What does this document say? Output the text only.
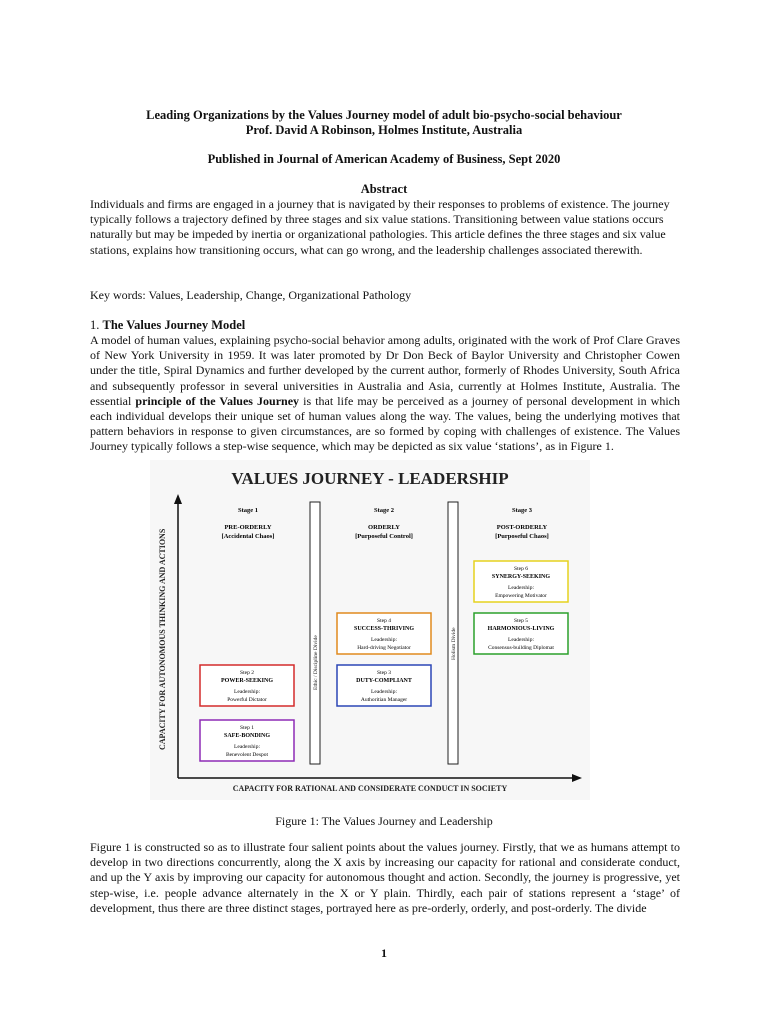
Leading Organizations by the Values Journey model of adult bio-psycho-social behaviour
Prof. David A Robinson, Holmes Institute, Australia
Published in Journal of American Academy of Business, Sept 2020
Abstract

Individuals and firms are engaged in a journey that is navigated by their responses to problems of existence. The journey typically follows a trajectory defined by three stages and six value stations. Transitioning between value stations occurs naturally but may be impeded by inertia or organizational pathologies. This article defines the three stages and six value stations, explains how transitioning occurs, what can go wrong, and the leadership challenges associated therewith.

Key words: Values, Leadership, Change, Organizational Pathology

1. The Values Journey Model

A model of human values, explaining psycho-social behavior among adults, originated with the work of Prof Clare Graves of New York University in 1959. It was later promoted by Dr Don Beck of Baylor University and Christopher Cowen under the title, Spiral Dynamics and further developed by the current author, formerly of Rhodes University, South Africa and subsequently professor in several universities in Australia and Asia, currently at Holmes Institute, Australia. The essential principle of the Values Journey is that life may be perceived as a journey of personal development in which each individual develops their unique set of human values along the way. The values, being the underlying motives that pattern behaviors in response to given circumstances, are so formed by coping with challenges of existence. The Values Journey typically follows a step-wise sequence, which may be depicted as six value ‘stations’, as in Figure 1.

VALUES JOURNEY - LEADERSHIP
CAPACITY FOR AUTONOMOUS THINKING AND ACTIONS
CAPACITY FOR RATIONAL AND CONSIDERATE CONDUCT IN SOCIETY
Ethic / Discipline Divide	Holism Divide
Stage 1
PRE-ORDERLY
[Accidental Chaos]
Stage 2
ORDERLY
[Purposeful Control]
Stage 3
POST-ORDERLY
[Purposeful Chaos]
Step 1
SAFE-BONDING
Leadership:
Benevolent Despot
Step 2
POWER-SEEKING
Leadership:
Powerful Dictator
Step 3
DUTY-COMPLIANT
Leadership:
Authoritian Manager
Step 4
SUCCESS-THRIVING
Leadership:
Hard-driving Negotiator
Step 5
HARMONIOUS-LIVING
Leadership:
Consensus-building Diplomat
Step 6
SYNERGY-SEEKING
Leadership:
Empowering Motivator
Figure 1: The Values Journey and Leadership

Figure 1 is constructed so as to illustrate four salient points about the values journey. Firstly, that we as humans attempt to develop in two directions concurrently, along the X axis by increasing our capacity for rational and considerate conduct, and up the Y axis by improving our capacity for autonomous thought and action. Secondly, the journey is progressive, yet step-wise, i.e. people advance alternately in the X or Y plain. Thirdly, each pair of stations represent a ‘stage’ of development, thus there are three distinct stages, portrayed here as pre-orderly, orderly, and post-orderly. The divide

1
